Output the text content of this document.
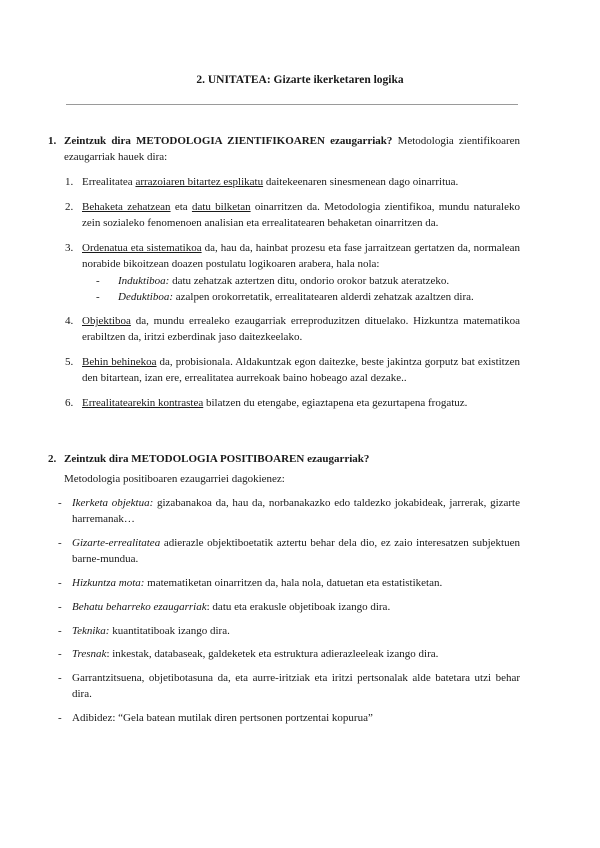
2. UNITATEA: Gizarte ikerketaren logika
1. Zeintzuk dira METODOLOGIA ZIENTIFIKOAREN ezaugarriak? Metodologia zientifikoaren ezaugarriak hauek dira:
1. Errealitatea arrazoiaren bitartez esplikatu daitekeenaren sinesmenean dago oinarritua.
2. Behaketa zehatzean eta datu bilketan oinarritzen da. Metodologia zientifikoa, mundu naturaleko zein sozialeko fenomenoen analisian eta errealitatearen behaketan oinarritzen da.
3. Ordenatua eta sistematikoa da, hau da, hainbat prozesu eta fase jarraitzean gertatzen da, normalean norabide bikoitzean doazen postulatu logikoaren arabera, hala nola:
-	Induktiboa: datu zehatzak aztertzen ditu, ondorio orokor batzuk ateratzeko.
-	Deduktiboa: azalpen orokorretatik, errealitatearen alderdi zehatzak azaltzen dira.
4. Objektiboa da, mundu errealeko ezaugarriak erreproduzitzen dituelako. Hizkuntza matematikoa erabiltzen da, iritzi ezberdinak jaso daitezkeelako.
5. Behin behinekoa da, probisionala. Aldakuntzak egon daitezke, beste jakintza gorputz bat existitzen den bitartean, izan ere, errealitatea aurrekoak baino hobeago azal dezake..
6. Errealitatearekin kontrastea bilatzen du etengabe, egiaztapena eta gezurtapena frogatuz.
2. Zeintzuk dira METODOLOGIA POSITIBOAREN ezaugarriak?
Metodologia positiboaren ezaugarriei dagokienez:
- Ikerketa objektua: gizabanakoa da, hau da, norbanakazko edo taldezko jokabideak, jarrerak, gizarte harremanak…
- Gizarte-errealitatea adierazle objektiboetatik aztertu behar dela dio, ez zaio interesatzen subjektuen barne-mundua.
- Hizkuntza mota: matematiketan oinarritzen da, hala nola, datuetan eta estatistiketan.
- Behatu beharreko ezaugarriak: datu eta erakusle objetiboak izango dira.
- Teknika: kuantitatiboak izango dira.
- Tresnak: inkestak, databaseak, galdeketek eta estruktura adierazleeleak izango dira.
- Garrantzitsuena, objetibotasuna da, eta aurre-iritziak eta iritzi pertsonalak alde batetara utzi behar dira.
- Adibidez: “Gela batean mutilak diren pertsonen portzentai kopurua”
